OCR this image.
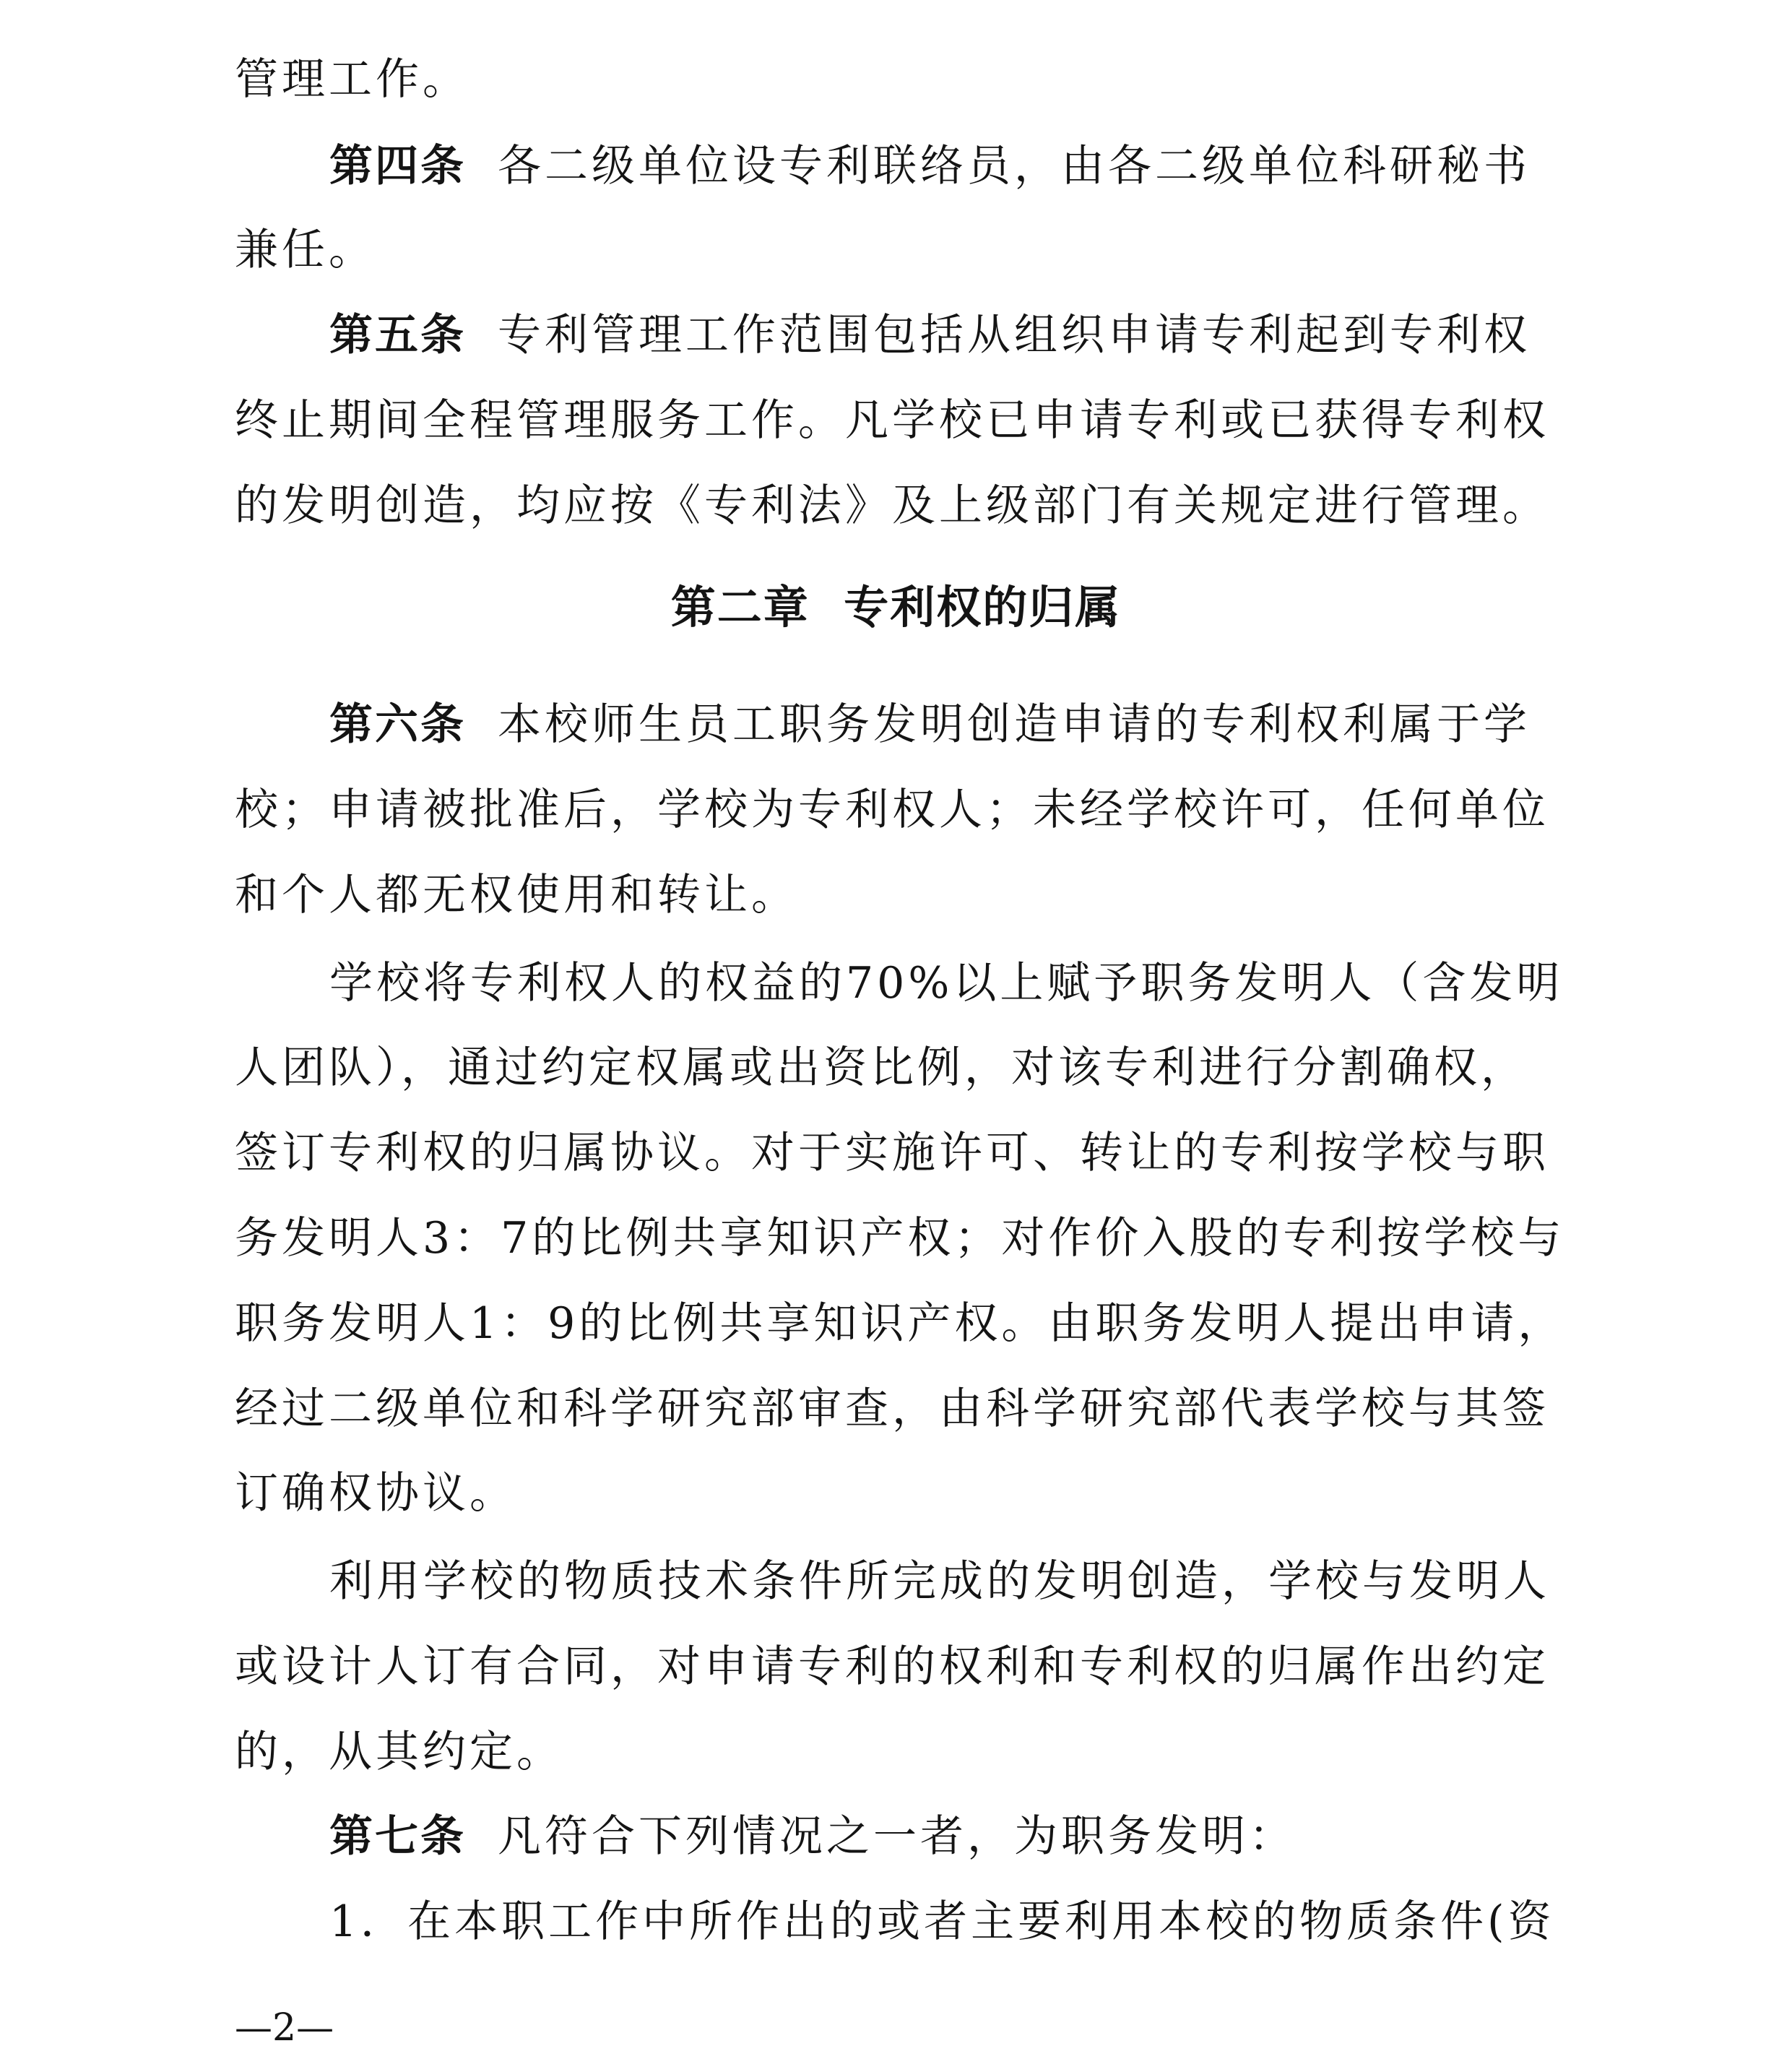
管理工作。
第四条 各二级单位设专利联络员，由各二级单位科研秘书
兼任。
第五条 专利管理工作范围包括从组织申请专利起到专利权
终止期间全程管理服务工作。凡学校已申请专利或已获得专利权
的发明创造，均应按《专利法》及上级部门有关规定进行管理。
第二章 专利权的归属
第六条 本校师生员工职务发明创造申请的专利权利属于学
校；申请被批准后，学校为专利权人；未经学校许可，任何单位
和个人都无权使用和转让。
学校将专利权人的权益的70%以上赋予职务发明人（含发明
人团队），通过约定权属或出资比例，对该专利进行分割确权，
签订专利权的归属协议。对于实施许可、转让的专利按学校与职
务发明人3：7的比例共享知识产权；对作价入股的专利按学校与
职务发明人1：9的比例共享知识产权。由职务发明人提出申请，
经过二级单位和科学研究部审查，由科学研究部代表学校与其签
订确权协议。
利用学校的物质技术条件所完成的发明创造，学校与发明人
或设计人订有合同，对申请专利的权利和专利权的归属作出约定
的，从其约定。
第七条 凡符合下列情况之一者，为职务发明：
1．在本职工作中所作出的或者主要利用本校的物质条件(资
—2—
